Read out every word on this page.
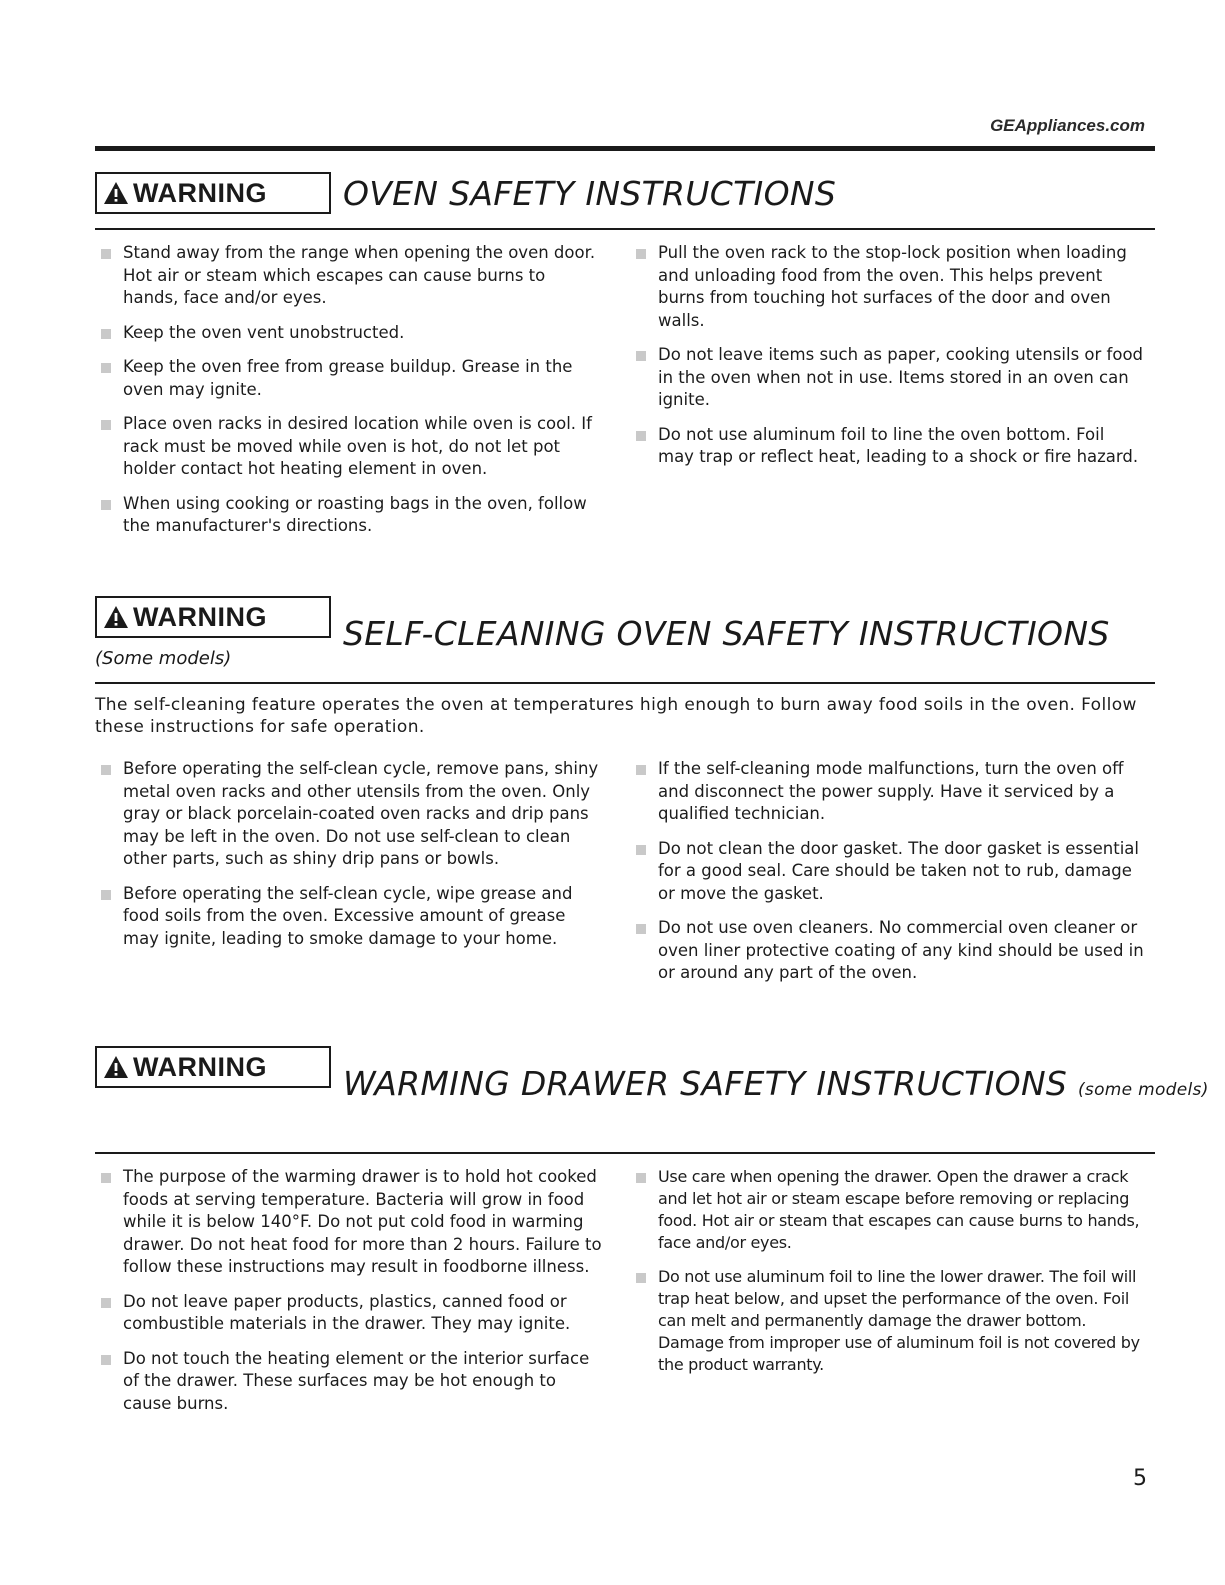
GEAppliances.com
WARNING OVEN SAFETY INSTRUCTIONS
Stand away from the range when opening the oven door. Hot air or steam which escapes can cause burns to hands, face and/or eyes.
Keep the oven vent unobstructed.
Keep the oven free from grease buildup. Grease in the oven may ignite.
Place oven racks in desired location while oven is cool. If rack must be moved while oven is hot, do not let pot holder contact hot heating element in oven.
When using cooking or roasting bags in the oven, follow the manufacturer's directions.
Pull the oven rack to the stop-lock position when loading and unloading food from the oven. This helps prevent burns from touching hot surfaces of the door and oven walls.
Do not leave items such as paper, cooking utensils or food in the oven when not in use. Items stored in an oven can ignite.
Do not use aluminum foil to line the oven bottom. Foil may trap or reflect heat, leading to a shock or fire hazard.
WARNING SELF-CLEANING OVEN SAFETY INSTRUCTIONS
(Some models)
The self-cleaning feature operates the oven at temperatures high enough to burn away food soils in the oven. Follow these instructions for safe operation.
Before operating the self-clean cycle, remove pans, shiny metal oven racks and other utensils from the oven. Only gray or black porcelain-coated oven racks and drip pans may be left in the oven. Do not use self-clean to clean other parts, such as shiny drip pans or bowls.
Before operating the self-clean cycle, wipe grease and food soils from the oven. Excessive amount of grease may ignite, leading to smoke damage to your home.
If the self-cleaning mode malfunctions, turn the oven off and disconnect the power supply. Have it serviced by a qualified technician.
Do not clean the door gasket. The door gasket is essential for a good seal. Care should be taken not to rub, damage or move the gasket.
Do not use oven cleaners. No commercial oven cleaner or oven liner protective coating of any kind should be used in or around any part of the oven.
WARNING WARMING DRAWER SAFETY INSTRUCTIONS (some models)
The purpose of the warming drawer is to hold hot cooked foods at serving temperature. Bacteria will grow in food while it is below 140°F. Do not put cold food in warming drawer. Do not heat food for more than 2 hours. Failure to follow these instructions may result in foodborne illness.
Do not leave paper products, plastics, canned food or combustible materials in the drawer. They may ignite.
Do not touch the heating element or the interior surface of the drawer. These surfaces may be hot enough to cause burns.
Use care when opening the drawer. Open the drawer a crack and let hot air or steam escape before removing or replacing food. Hot air or steam that escapes can cause burns to hands, face and/or eyes.
Do not use aluminum foil to line the lower drawer. The foil will trap heat below, and upset the performance of the oven. Foil can melt and permanently damage the drawer bottom. Damage from improper use of aluminum foil is not covered by the product warranty.
5
